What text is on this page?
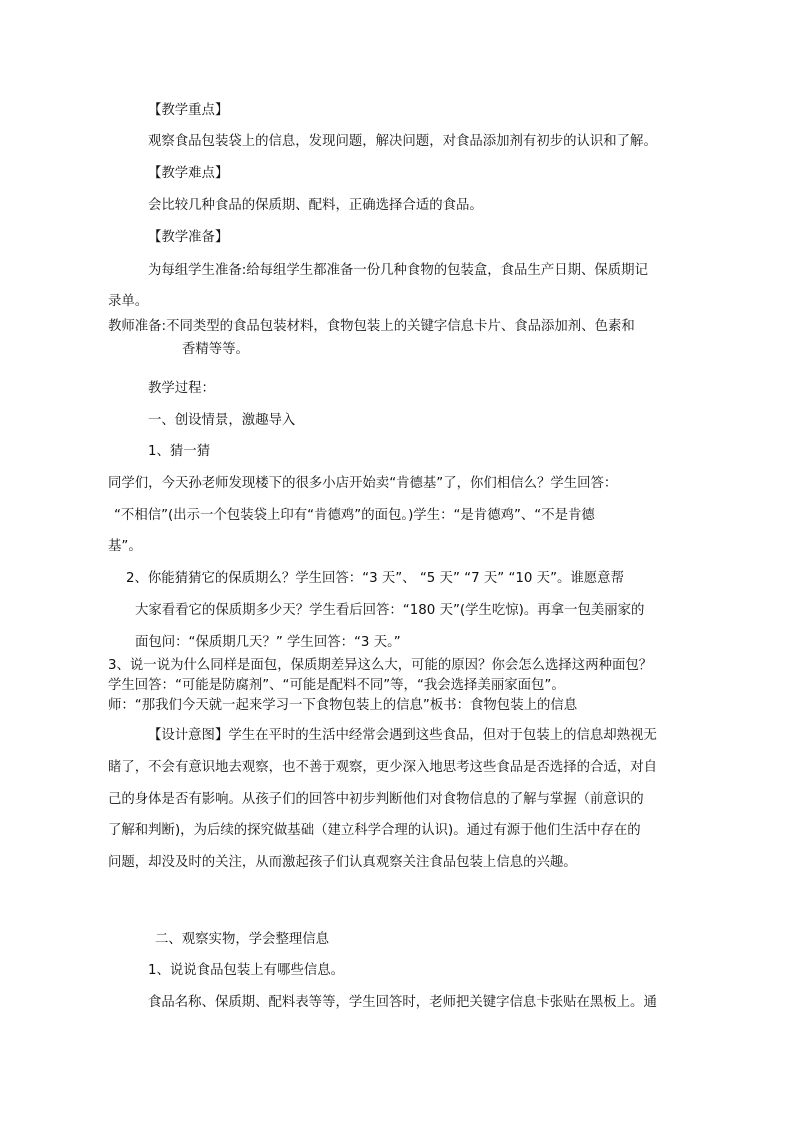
【教学重点】
观察食品包装袋上的信息，发现问题，解决问题，对食品添加剂有初步的认识和了解。
【教学难点】
会比较几种食品的保质期、配料，正确选择合适的食品。
【教学准备】
为每组学生准备:给每组学生都准备一份几种食物的包装盒，食品生产日期、保质期记
录单。
教师准备:不同类型的食品包装材料，食物包装上的关键字信息卡片、食品添加剂、色素和
香精等等。
教学过程：
一、创设情景，激趣导入
1、猜一猜
同学们，今天孙老师发现楼下的很多小店开始卖“肯德基”了，你们相信么？学生回答：
“不相信”(出示一个包装袋上印有“肯德鸡”的面包。)学生：“是肯德鸡”、“不是肯德
基”。
2、你能猜猜它的保质期么？学生回答：“3 天”、 “5 天” “7 天” “10 天”。谁愿意帮
大家看看它的保质期多少天？学生看后回答：“180 天”(学生吃惊)。再拿一包美丽家的
面包问：“保质期几天？” 学生回答：“3 天。”
3、说一说为什么同样是面包，保质期差异这么大，可能的原因？你会怎么选择这两种面包？
学生回答：“可能是防腐剂”、“可能是配料不同”等，“我会选择美丽家面包”。
师：“那我们今天就一起来学习一下食物包装上的信息”板书：食物包装上的信息
【设计意图】学生在平时的生活中经常会遇到这些食品，但对于包装上的信息却熟视无
睹了，不会有意识地去观察，也不善于观察，更少深入地思考这些食品是否选择的合适，对自
己的身体是否有影响。从孩子们的回答中初步判断他们对食物信息的了解与掌握（前意识的
了解和判断)，为后续的探究做基础（建立科学合理的认识)。通过有源于他们生活中存在的
问题，却没及时的关注，从而激起孩子们认真观察关注食品包装上信息的兴趣。
二、观察实物，学会整理信息
1、说说食品包装上有哪些信息。
食品名称、保质期、配料表等等，学生回答时，老师把关键字信息卡张贴在黑板上。通
